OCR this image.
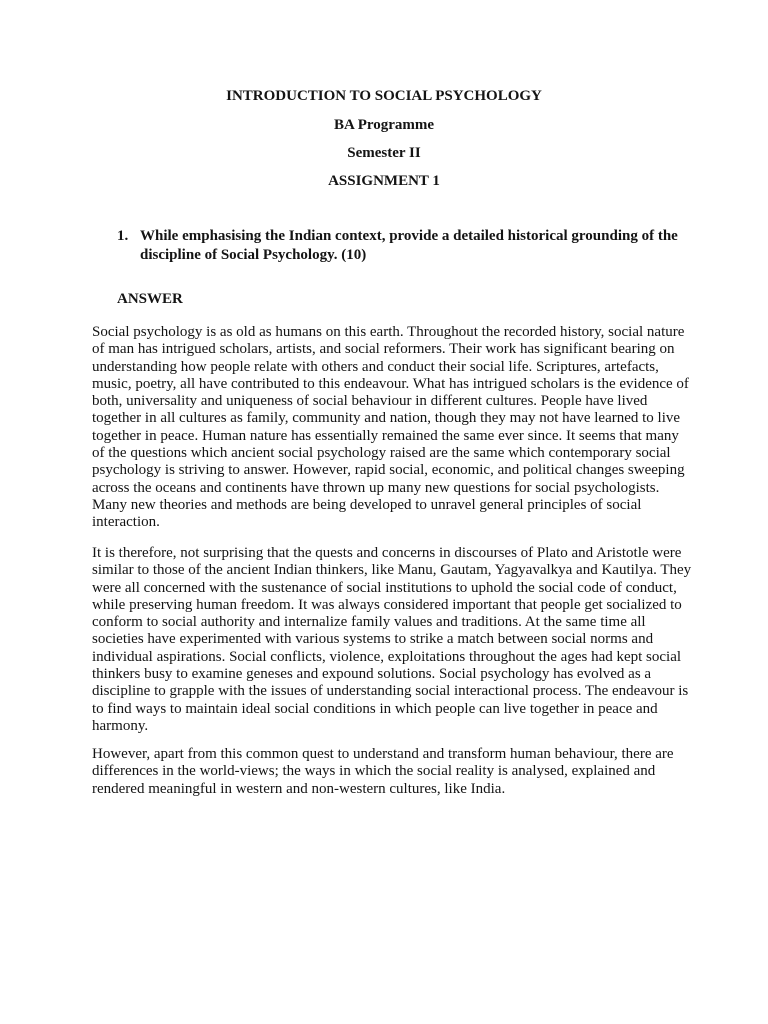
INTRODUCTION TO SOCIAL PSYCHOLOGY
BA Programme
Semester II
ASSIGNMENT 1
1. While emphasising the Indian context, provide a detailed historical grounding of the discipline of Social Psychology. (10)
ANSWER

Social psychology is as old as humans on this earth. Throughout the recorded history, social nature of man has intrigued scholars, artists, and social reformers. Their work has significant bearing on understanding how people relate with others and conduct their social life. Scriptures, artefacts, music, poetry, all have contributed to this endeavour. What has intrigued scholars is the evidence of both, universality and uniqueness of social behaviour in different cultures. People have lived together in all cultures as family, community and nation, though they may not have learned to live together in peace. Human nature has essentially remained the same ever since. It seems that many of the questions which ancient social psychology raised are the same which contemporary social psychology is striving to answer. However, rapid social, economic, and political changes sweeping across the oceans and continents have thrown up many new questions for social psychologists. Many new theories and methods are being developed to unravel general principles of social interaction.

It is therefore, not surprising that the quests and concerns in discourses of Plato and Aristotle were similar to those of the ancient Indian thinkers, like Manu, Gautam, Yagyavalkya and Kautilya. They were all concerned with the sustenance of social institutions to uphold the social code of conduct, while preserving human freedom. It was always considered important that people get socialized to conform to social authority and internalize family values and traditions. At the same time all societies have experimented with various systems to strike a match between social norms and individual aspirations. Social conflicts, violence, exploitations throughout the ages had kept social thinkers busy to examine geneses and expound solutions. Social psychology has evolved as a discipline to grapple with the issues of understanding social interactional process. The endeavour is to find ways to maintain ideal social conditions in which people can live together in peace and harmony.

However, apart from this common quest to understand and transform human behaviour, there are differences in the world-views; the ways in which the social reality is analysed, explained and rendered meaningful in western and non-western cultures, like India.
